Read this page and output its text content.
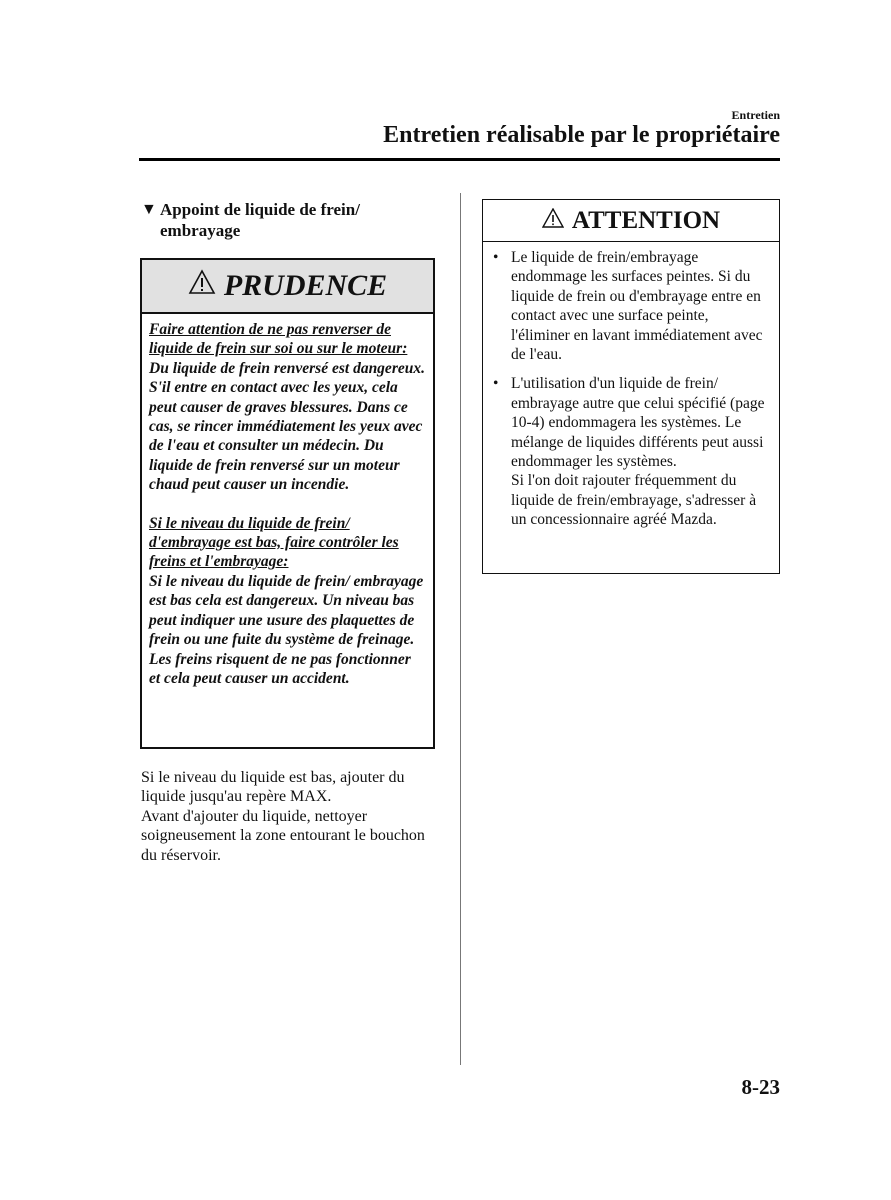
Entretien
Entretien réalisable par le propriétaire
▼ Appoint de liquide de frein/ embrayage
PRUDENCE

Faire attention de ne pas renverser de liquide de frein sur soi ou sur le moteur:

Du liquide de frein renversé est dangereux. S'il entre en contact avec les yeux, cela peut causer de graves blessures. Dans ce cas, se rincer immédiatement les yeux avec de l'eau et consulter un médecin. Du liquide de frein renversé sur un moteur chaud peut causer un incendie.

Si le niveau du liquide de frein/ d'embrayage est bas, faire contrôler les freins et l'embrayage:

Si le niveau du liquide de frein/ embrayage est bas cela est dangereux. Un niveau bas peut indiquer une usure des plaquettes de frein ou une fuite du système de freinage. Les freins risquent de ne pas fonctionner et cela peut causer un accident.

Si le niveau du liquide est bas, ajouter du liquide jusqu'au repère MAX.

Avant d'ajouter du liquide, nettoyer soigneusement la zone entourant le bouchon du réservoir.

ATTENTION
• Le liquide de frein/embrayage endommage les surfaces peintes. Si du liquide de frein ou d'embrayage entre en contact avec une surface peinte, l'éliminer en lavant immédiatement avec de l'eau.

• L'utilisation d'un liquide de frein/ embrayage autre que celui spécifié (page 10-4) endommagera les systèmes. Le mélange de liquides différents peut aussi endommager les systèmes.

Si l'on doit rajouter fréquemment du liquide de frein/embrayage, s'adresser à un concessionnaire agréé Mazda.

8-23
